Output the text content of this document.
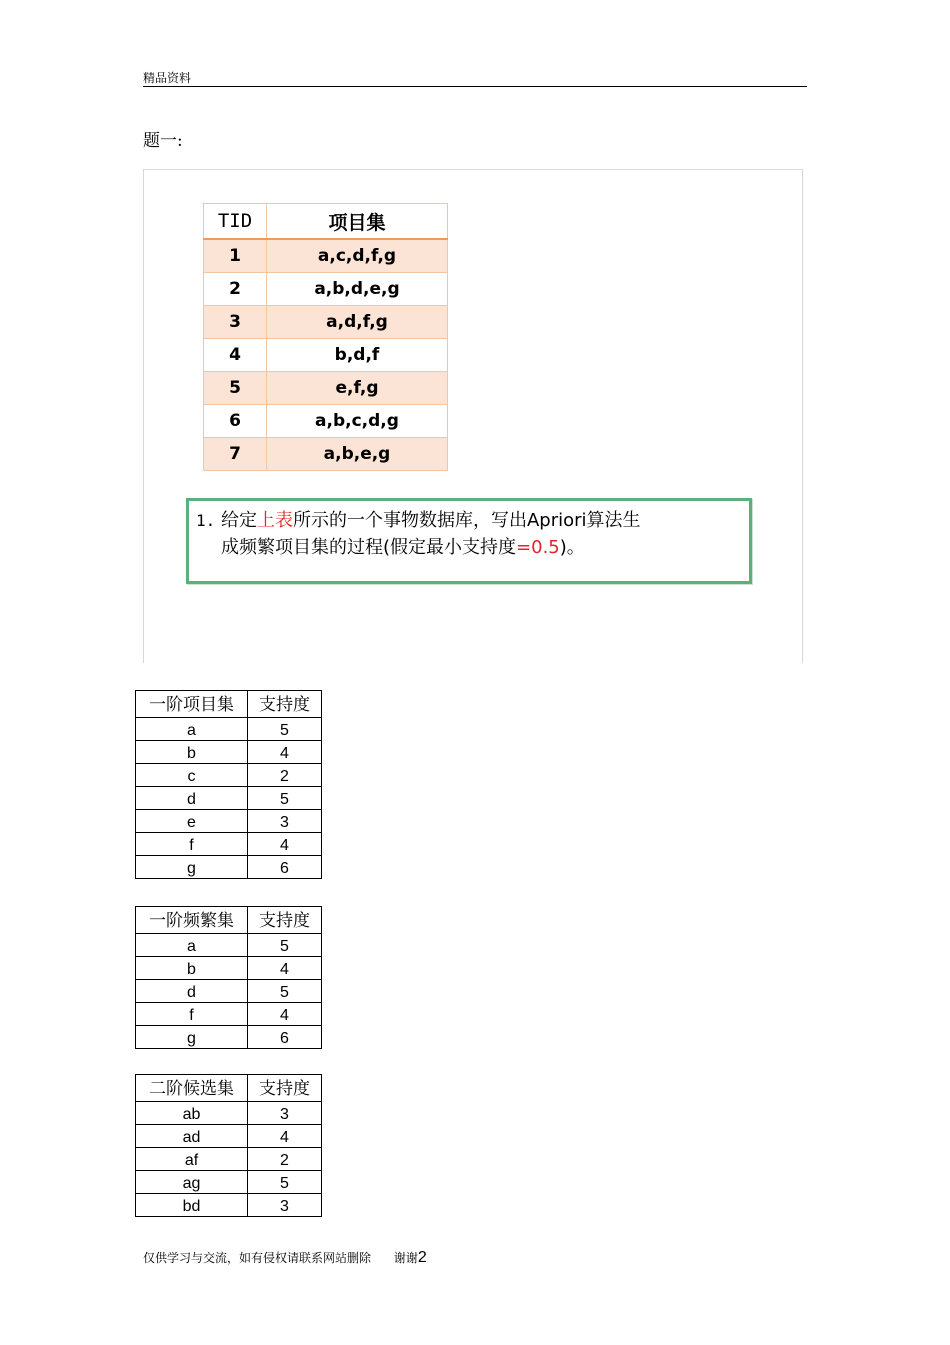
精品资料
题一:
TID	项目集
1	a,c,d,f,g
2	a,b,d,e,g
3	a,d,f,g
4	b,d,f
5	e,f,g
6	a,b,c,d,g
7	a,b,e,g

1. 给定上表所示的一个事物数据库，写出Apriori算法生
成频繁项目集的过程(假定最小支持度=0.5)。

一阶项目集	支持度
a	5
b	4
c	2
d	5
e	3
f	4
g	6
一阶频繁集	支持度
a	5
b	4
d	5
f	4
g	6
二阶候选集	支持度
ab	3
ad	4
af	2
ag	5
bd	3
仅供学习与交流，如有侵权请联系网站删除 谢谢2
